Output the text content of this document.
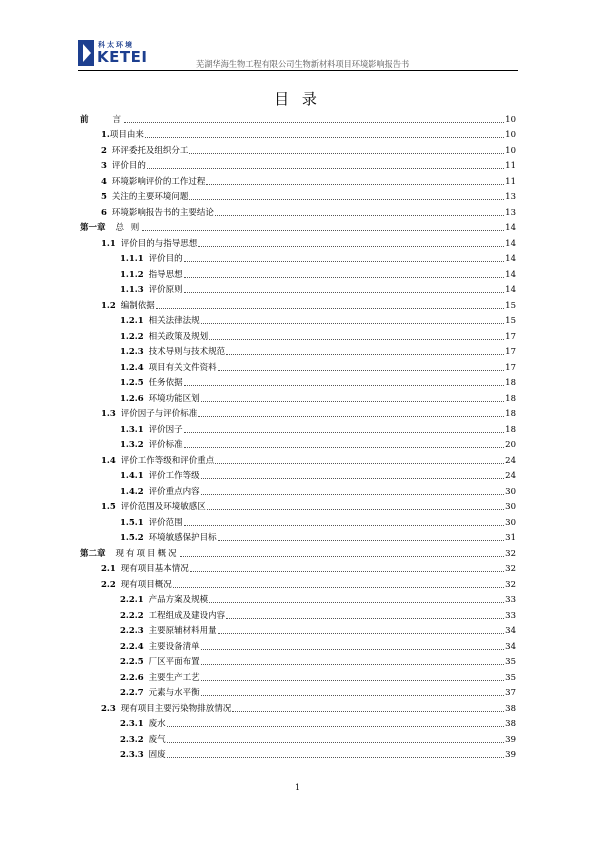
科太环境
KETEI	芜湖华海生物工程有限公司生物新材料项目环境影响报告书
目 录
前	言	10
1.项目由来	10
2 环评委托及组织分工	10
3 评价目的	11
4 环境影响评价的工作过程	11
5 关注的主要环境问题	13
6 环境影响报告书的主要结论	13
第一章 总 则	14
1.1 评价目的与指导思想	14
1.1.1 评价目的	14
1.1.2 指导思想	14
1.1.3 评价原则	14
1.2 编制依据	15
1.2.1 相关法律法规	15
1.2.2 相关政策及规划	17
1.2.3 技术导则与技术规范	17
1.2.4 项目有关文件资料	17
1.2.5 任务依据	18
1.2.6 环境功能区划	18
1.3 评价因子与评价标准	18
1.3.1 评价因子	18
1.3.2 评价标准	20
1.4 评价工作等级和评价重点	24
1.4.1 评价工作等级	24
1.4.2 评价重点内容	30
1.5 评价范围及环境敏感区	30
1.5.1 评价范围	30
1.5.2 环境敏感保护目标	31
第二章 现有项目概况	32
2.1 现有项目基本情况	32
2.2 现有项目概况	32
2.2.1 产品方案及规模	33
2.2.2 工程组成及建设内容	33
2.2.3 主要原辅材料用量	34
2.2.4 主要设备清单	34
2.2.5 厂区平面布置	35
2.2.6 主要生产工艺	35
2.2.7 元素与水平衡	37
2.3 现有项目主要污染物排放情况	38
2.3.1 废水	38
2.3.2 废气	39
2.3.3 固废	39
1
